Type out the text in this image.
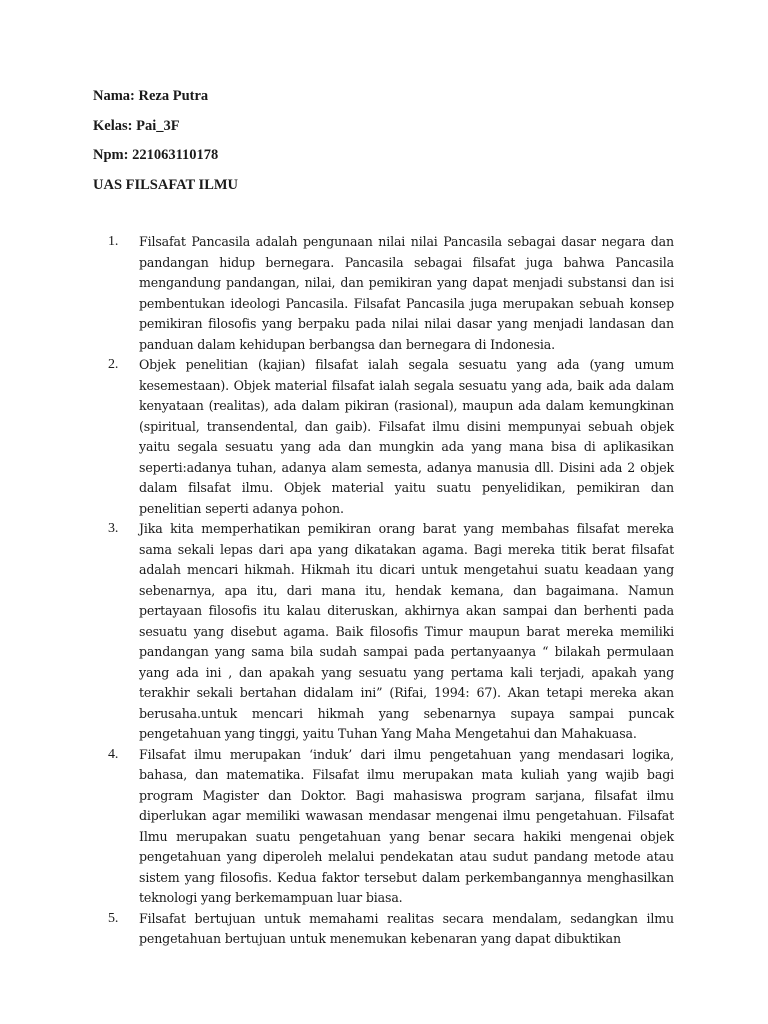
Nama: Reza Putra
Kelas: Pai_3F
Npm: 221063110178
UAS FILSAFAT ILMU
1.	Filsafat Pancasila adalah pengunaan nilai nilai Pancasila sebagai dasar negara dan pandangan hidup bernegara. Pancasila sebagai filsafat juga bahwa Pancasila mengandung pandangan, nilai, dan pemikiran yang dapat menjadi substansi dan isi pembentukan ideologi Pancasila. Filsafat Pancasila juga merupakan sebuah konsep pemikiran filosofis yang berpaku pada nilai nilai dasar yang menjadi landasan dan panduan dalam kehidupan berbangsa dan bernegara di Indonesia.
2.	Objek penelitian (kajian) filsafat ialah segala sesuatu yang ada (yang umum kesemestaan). Objek material filsafat ialah segala sesuatu yang ada, baik ada dalam kenyataan (realitas), ada dalam pikiran (rasional), maupun ada dalam kemungkinan (spiritual, transendental, dan gaib). Filsafat ilmu disini mempunyai sebuah objek yaitu segala sesuatu yang ada dan mungkin ada yang mana bisa di aplikasikan seperti:adanya tuhan, adanya alam semesta, adanya manusia dll. Disini ada 2 objek dalam filsafat ilmu. Objek material yaitu suatu penyelidikan, pemikiran dan penelitian seperti adanya pohon.
3.	Jika kita memperhatikan pemikiran orang barat yang membahas filsafat mereka sama sekali lepas dari apa yang dikatakan agama. Bagi mereka titik berat filsafat adalah mencari hikmah. Hikmah itu dicari untuk mengetahui suatu keadaan yang sebenarnya, apa itu, dari mana itu, hendak kemana, dan bagaimana. Namun pertayaan filosofis itu kalau diteruskan, akhirnya akan sampai dan berhenti pada sesuatu yang disebut agama. Baik filosofis Timur maupun barat mereka memiliki pandangan yang sama bila sudah sampai pada pertanyaanya “ bilakah permulaan yang ada ini , dan apakah yang sesuatu yang pertama kali terjadi, apakah yang terakhir sekali bertahan didalam ini” (Rifai, 1994: 67). Akan tetapi mereka akan berusaha.untuk mencari hikmah yang sebenarnya supaya sampai puncak pengetahuan yang tinggi, yaitu Tuhan Yang Maha Mengetahui dan Mahakuasa.
4.	Filsafat ilmu merupakan ‘induk’ dari ilmu pengetahuan yang mendasari logika, bahasa, dan matematika. Filsafat ilmu merupakan mata kuliah yang wajib bagi program Magister dan Doktor. Bagi mahasiswa program sarjana, filsafat ilmu diperlukan agar memiliki wawasan mendasar mengenai ilmu pengetahuan. Filsafat Ilmu merupakan suatu pengetahuan yang benar secara hakiki mengenai objek pengetahuan yang diperoleh melalui pendekatan atau sudut pandang metode atau sistem yang filosofis. Kedua faktor tersebut dalam perkembangannya menghasilkan teknologi yang berkemampuan luar biasa.
5.	Filsafat bertujuan untuk memahami realitas secara mendalam, sedangkan ilmu pengetahuan bertujuan untuk menemukan kebenaran yang dapat dibuktikan
